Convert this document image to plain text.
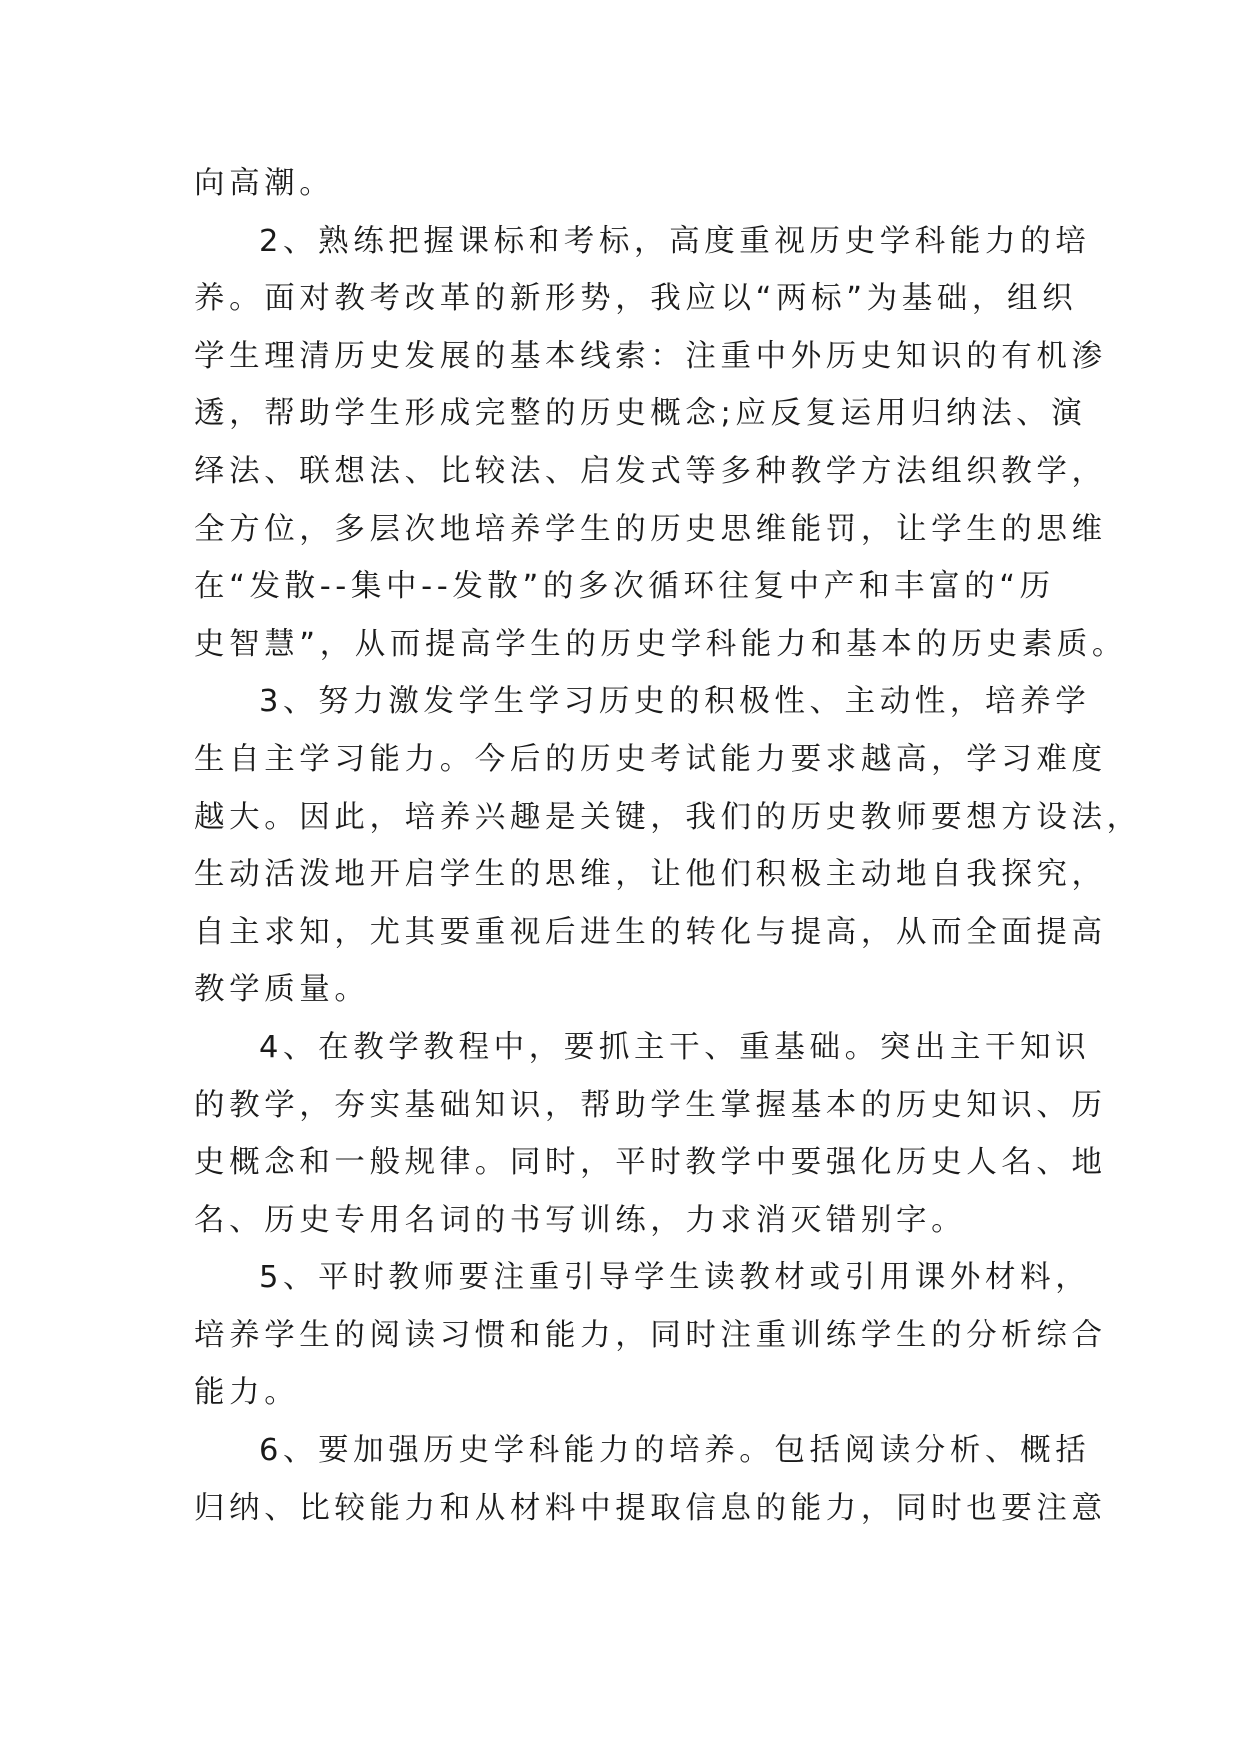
向高潮。
2、熟练把握课标和考标，高度重视历史学科能力的培
养。面对教考改革的新形势，我应以“两标”为基础，组织
学生理清历史发展的基本线索：注重中外历史知识的有机渗
透，帮助学生形成完整的历史概念;应反复运用归纳法、演
绎法、联想法、比较法、启发式等多种教学方法组织教学，
全方位，多层次地培养学生的历史思维能罚，让学生的思维
在“发散--集中--发散”的多次循环往复中产和丰富的“历
史智慧”，从而提高学生的历史学科能力和基本的历史素质。
3、努力激发学生学习历史的积极性、主动性，培养学
生自主学习能力。今后的历史考试能力要求越高，学习难度
越大。因此，培养兴趣是关键，我们的历史教师要想方设法，
生动活泼地开启学生的思维，让他们积极主动地自我探究，
自主求知，尤其要重视后进生的转化与提高，从而全面提高
教学质量。
4、在教学教程中，要抓主干、重基础。突出主干知识
的教学，夯实基础知识，帮助学生掌握基本的历史知识、历
史概念和一般规律。同时，平时教学中要强化历史人名、地
名、历史专用名词的书写训练，力求消灭错别字。
5、平时教师要注重引导学生读教材或引用课外材料，
培养学生的阅读习惯和能力，同时注重训练学生的分析综合
能力。
6、要加强历史学科能力的培养。包括阅读分析、概括
归纳、比较能力和从材料中提取信息的能力，同时也要注意
